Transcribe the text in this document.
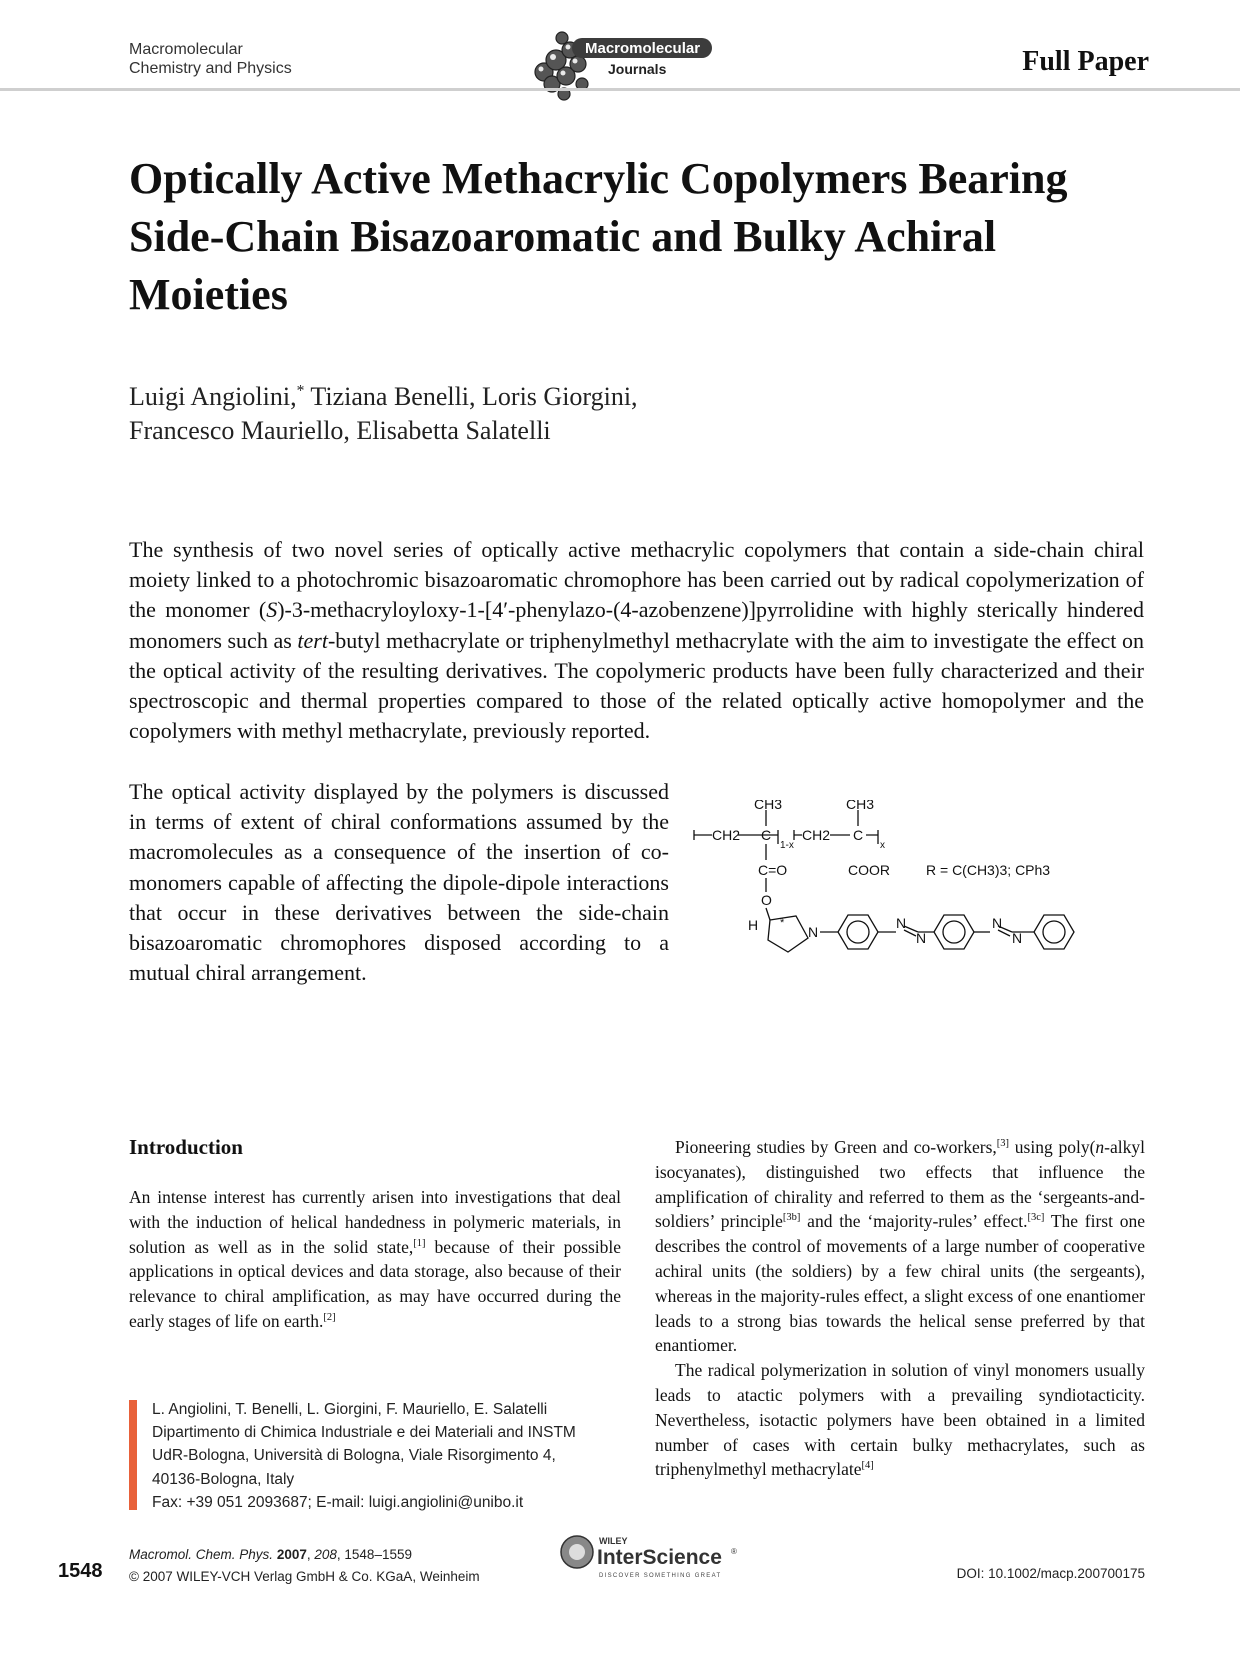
Macromolecular
Chemistry and Physics
Macromolecular
Journals	Full Paper
Optically Active Methacrylic Copolymers Bearing Side-Chain Bisazoaromatic and Bulky Achiral Moieties
Luigi Angiolini,* Tiziana Benelli, Loris Giorgini,
Francesco Mauriello, Elisabetta Salatelli
The synthesis of two novel series of optically active methacrylic copolymers that contain a side-chain chiral moiety linked to a photochromic bisazoaromatic chromophore has been carried out by radical copolymerization of the monomer (S)-3-methacryloyloxy-1-[4′-phenylazo-(4-azobenzene)]pyrrolidine with highly sterically hindered monomers such as tert-butyl methacrylate or triphenylmethyl methacrylate with the aim to investigate the effect on the optical activity of the resulting derivatives. The copolymeric products have been fully characterized and their spectroscopic and thermal properties compared to those of the related optically active homopolymer and the copolymers with methyl methacrylate, previously reported.
The optical activity displayed by the polymers is discussed in terms of extent of chiral conformations assumed by the macromolecules as a consequence of the insertion of co-monomers capable of affecting the dipole-dipole interactions that occur in these derivatives between the side-chain bisazoaromatic chromophores disposed according to a mutual chiral arrangement.
CH3	CH3
CH2	CH2
C	C
1-x	x
C=O	COOR	R = C(CH3)3; CPh3
O
H *
N
N
N
N
N
Introduction

An intense interest has currently arisen into investigations that deal with the induction of helical handedness in polymeric materials, in solution as well as in the solid state,[1] because of their possible applications in optical devices and data storage, also because of their relevance to chiral amplification, as may have occurred during the early stages of life on earth.[2]

Pioneering studies by Green and co-workers,[3] using poly(n-alkyl isocyanates), distinguished two effects that influence the amplification of chirality and referred to them as the ‘sergeants-and-soldiers’ principle[3b] and the ‘majority-rules’ effect.[3c] The first one describes the control of movements of a large number of cooperative achiral units (the soldiers) by a few chiral units (the sergeants), whereas in the majority-rules effect, a slight excess of one enantiomer leads to a strong bias towards the helical sense preferred by that enantiomer.

The radical polymerization in solution of vinyl monomers usually leads to atactic polymers with a prevailing syndiotacticity. Nevertheless, isotactic polymers have been obtained in a limited number of cases with certain bulky methacrylates, such as triphenylmethyl methacrylate[4]

L. Angiolini, T. Benelli, L. Giorgini, F. Mauriello, E. Salatelli
Dipartimento di Chimica Industriale e dei Materiali and INSTM
UdR-Bologna, Università di Bologna, Viale Risorgimento 4,
40136-Bologna, Italy
Fax: +39 051 2093687; E-mail: luigi.angiolini@unibo.it
1548
Macromol. Chem. Phys. 2007, 208, 1548–1559
© 2007 WILEY-VCH Verlag GmbH & Co. KGaA, Weinheim
WILEY
InterScience ®
DISCOVER SOMETHING GREAT	DOI: 10.1002/macp.200700175
